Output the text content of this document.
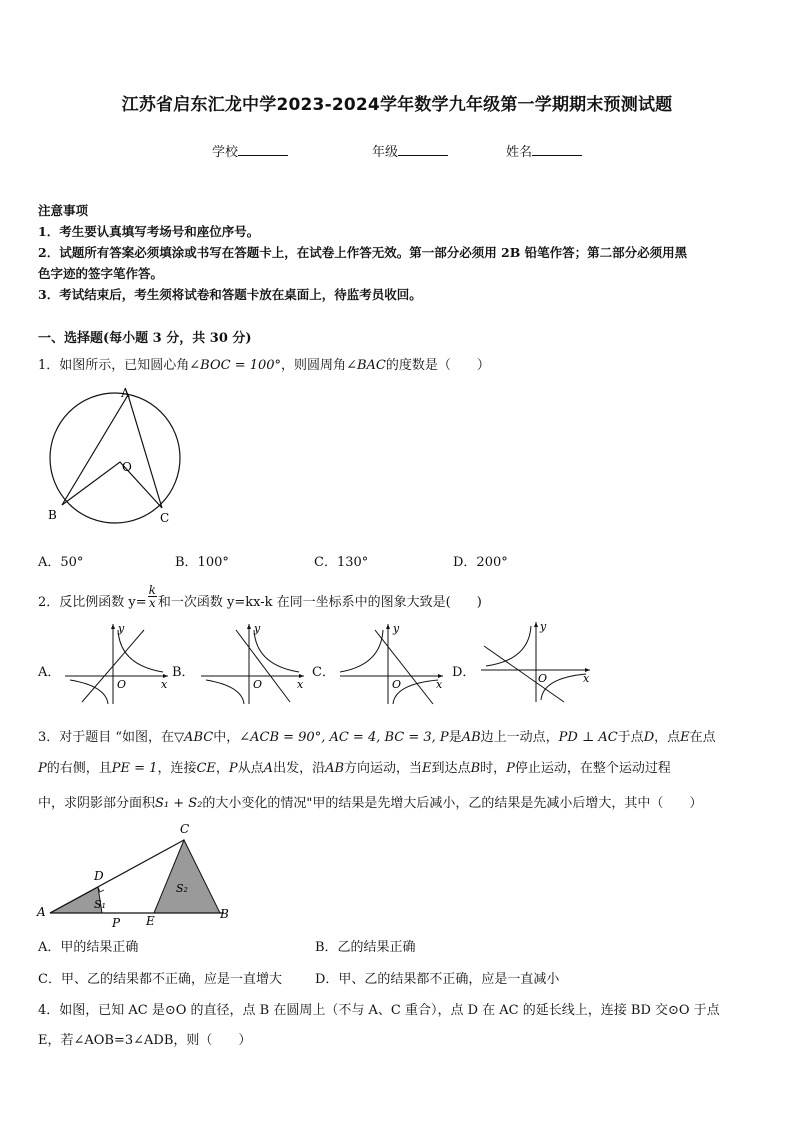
江苏省启东汇龙中学2023-2024学年数学九年级第一学期期末预测试题
学校	年级	姓名
注意事项
1．考生要认真填写考场号和座位序号。
2．试题所有答案必须填涂或书写在答题卡上，在试卷上作答无效。第一部分必须用 2B 铅笔作答；第二部分必须用黑
色字迹的签字笔作答。
3．考试结束后，考生须将试卷和答题卡放在桌面上，待监考员收回。
一、选择题(每小题 3 分，共 30 分)
1．如图所示，已知圆心角∠BOC = 100°，则圆周角∠BAC的度数是（　　）
A
O
B	C
A．50°	B．100°	C．130°	D．200°
2．反比例函数 $y= \frac{k}{x}$ 和一次函数 y=kx-k 在同一坐标系中的图象大致是(　　)
A．
y
x
O
B．
y
x
O
C．
y
x
O
D．
y
x
O
3．对于题目 “如图，在▽ABC中，∠ACB = 90°, AC = 4, BC = 3, P是AB边上一动点，PD ⊥ AC于点D，点E在点
P的右侧，且PE = 1，连接CE，P从点A出发，沿AB方向运动，当E到达点B时，P停止运动，在整个运动过程
中，求阴影部分面积S₁ + S₂的大小变化的情况"甲的结果是先增大后减小，乙的结果是先减小后增大，其中（　　）
A	B
C
D
P E
S₁
S₂
A．甲的结果正确	B．乙的结果正确
C．甲、乙的结果都不正确，应是一直增大	D．甲、乙的结果都不正确，应是一直减小
4．如图，已知 AC 是⊙O 的直径，点 B 在圆周上（不与 A、C 重合），点 D 在 AC 的延长线上，连接 BD 交⊙O 于点
E，若∠AOB=3∠ADB，则（　　）
